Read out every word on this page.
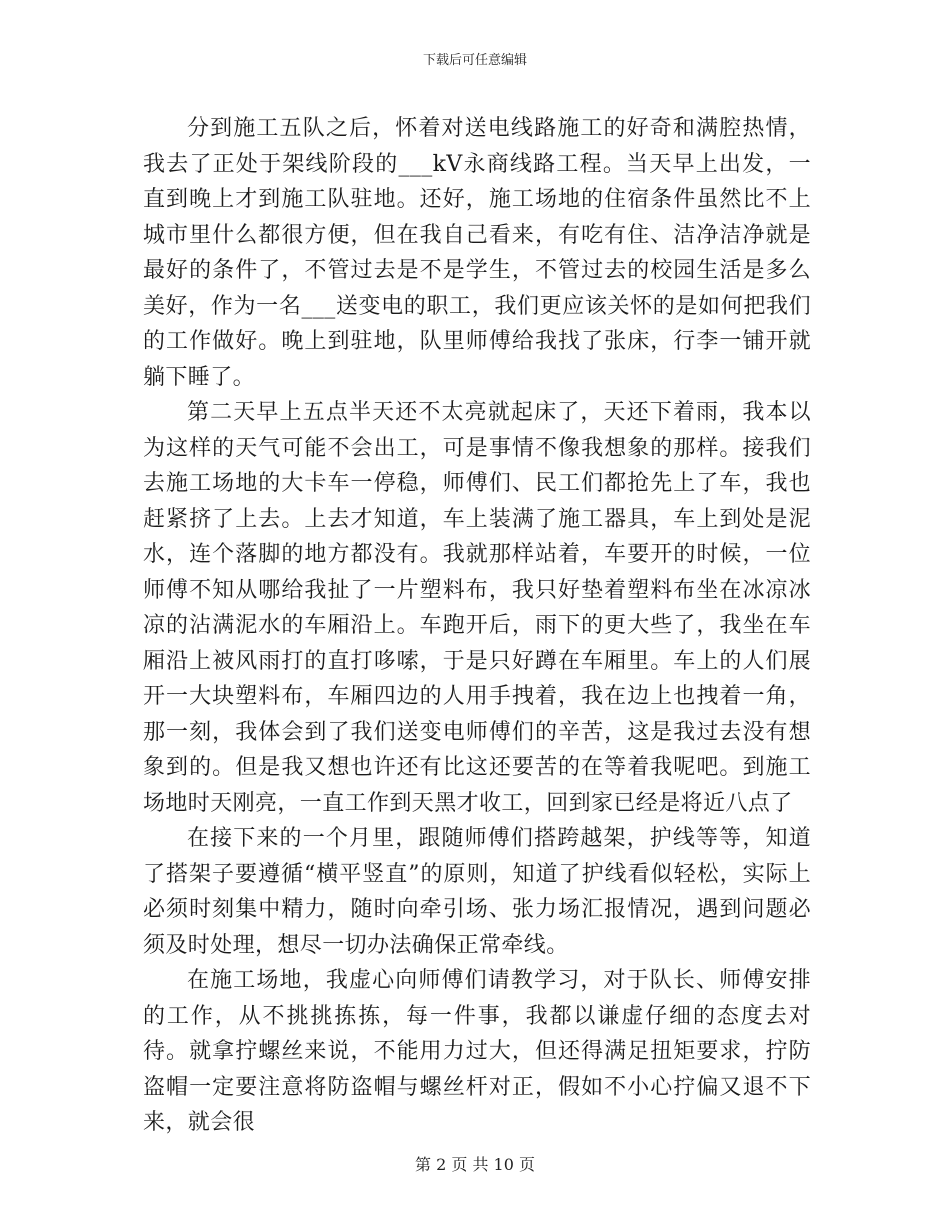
下载后可任意编辑

分到施工五队之后，怀着对送电线路施工的好奇和满腔热情，我去了正处于架线阶段的___kV永商线路工程。当天早上出发，一直到晚上才到施工队驻地。还好，施工场地的住宿条件虽然比不上城市里什么都很方便，但在我自己看来，有吃有住、洁净洁净就是最好的条件了，不管过去是不是学生，不管过去的校园生活是多么美好，作为一名___送变电的职工，我们更应该关怀的是如何把我们的工作做好。晚上到驻地，队里师傅给我找了张床，行李一铺开就躺下睡了。

第二天早上五点半天还不太亮就起床了，天还下着雨，我本以为这样的天气可能不会出工，可是事情不像我想象的那样。接我们去施工场地的大卡车一停稳，师傅们、民工们都抢先上了车，我也赶紧挤了上去。上去才知道，车上装满了施工器具，车上到处是泥水，连个落脚的地方都没有。我就那样站着，车要开的时候，一位师傅不知从哪给我扯了一片塑料布，我只好垫着塑料布坐在冰凉冰凉的沾满泥水的车厢沿上。车跑开后，雨下的更大些了，我坐在车厢沿上被风雨打的直打哆嗦，于是只好蹲在车厢里。车上的人们展开一大块塑料布，车厢四边的人用手拽着，我在边上也拽着一角，那一刻，我体会到了我们送变电师傅们的辛苦，这是我过去没有想象到的。但是我又想也许还有比这还要苦的在等着我呢吧。到施工场地时天刚亮，一直工作到天黑才收工，回到家已经是将近八点了

在接下来的一个月里，跟随师傅们搭跨越架，护线等等，知道了搭架子要遵循“横平竖直”的原则，知道了护线看似轻松，实际上必须时刻集中精力，随时向牵引场、张力场汇报情况，遇到问题必须及时处理，想尽一切办法确保正常牵线。

在施工场地，我虚心向师傅们请教学习，对于队长、师傅安排的工作，从不挑挑拣拣，每一件事，我都以谦虚仔细的态度去对待。就拿拧螺丝来说，不能用力过大，但还得满足扭矩要求，拧防盗帽一定要注意将防盗帽与螺丝杆对正，假如不小心拧偏又退不下来，就会很

第 2 页 共 10 页
